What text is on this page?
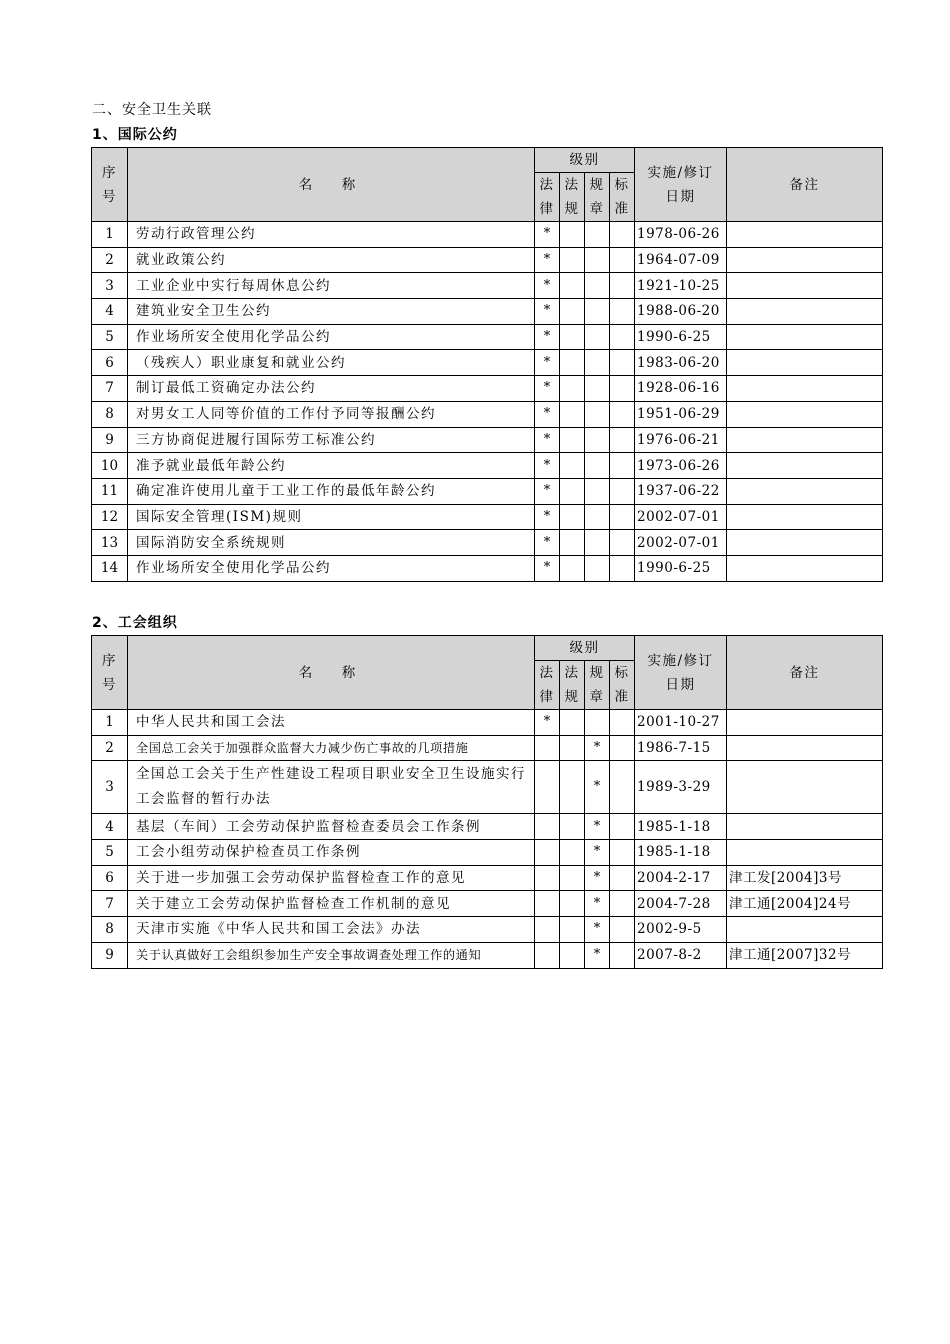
二、安全卫生关联
1、国际公约
序号	名　称	级别				实施/修订日期	备注
		法律	法规	规章	标准		
1	劳动行政管理公约	*				1978-06-26	
2	就业政策公约	*				1964-07-09	
3	工业企业中实行每周休息公约	*				1921-10-25	
4	建筑业安全卫生公约	*				1988-06-20	
5	作业场所安全使用化学品公约	*				1990-6-25	
6	（残疾人）职业康复和就业公约	*				1983-06-20	
7	制订最低工资确定办法公约	*				1928-06-16	
8	对男女工人同等价值的工作付予同等报酬公约	*				1951-06-29	
9	三方协商促进履行国际劳工标准公约	*				1976-06-21	
10	准予就业最低年龄公约	*				1973-06-26	
11	确定准许使用儿童于工业工作的最低年龄公约	*				1937-06-22	
12	国际安全管理(ISM)规则	*				2002-07-01	
13	国际消防安全系统规则	*				2002-07-01	
14	作业场所安全使用化学品公约	*				1990-6-25	
2、工会组织
序号	名　称	级别				实施/修订日期	备注
		法律	法规	规章	标准		
1	中华人民共和国工会法	*				2001-10-27	
2	全国总工会关于加强群众监督大力减少伤亡事故的几项措施			*		1986-7-15	
3	全国总工会关于生产性建设工程项目职业安全卫生设施实行工会监督的暂行办法			*		1989-3-29	
4	基层（车间）工会劳动保护监督检查委员会工作条例			*		1985-1-18	
5	工会小组劳动保护检查员工作条例			*		1985-1-18	
6	关于进一步加强工会劳动保护监督检查工作的意见			*		2004-2-17	津工发[2004]3号
7	关于建立工会劳动保护监督检查工作机制的意见			*		2004-7-28	津工通[2004]24号
8	天津市实施《中华人民共和国工会法》办法			*		2002-9-5	
9	关于认真做好工会组织参加生产安全事故调查处理工作的通知			*		2007-8-2	津工通[2007]32号
